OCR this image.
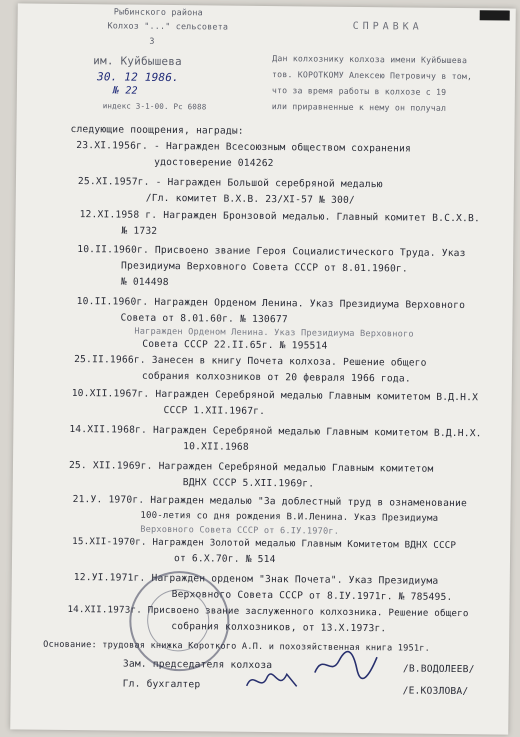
Рыбинского района
Колхоз "..." сельсовета
3
им. Куйбышева
30. 12 1986.
№ 22
индекс 3-1-00. Рс 6088
СПРАВКА
Дан колхознику колхоза имени Куйбышева
тов. КОРОТКОМУ Алексею Петровичу в том,
что за время работы в колхозе с 19
или приравненные к нему он получал
следующие поощрения, награды:
23.XI.1956г. - Награжден Всесоюзным обществом сохранения
удостоверение 014262
25.XI.1957г. - Награжден Большой серебряной медалью
/Гл. комитет В.Х.В. 23/XI-57 № 300/
12.XI.1958 г. Награжден Бронзовой медалью. Главный комитет В.С.Х.В.
№ 1732
10.II.1960г. Присвоено звание Героя Социалистического Труда. Указ
Президиума Верховного Совета СССР от 8.01.1960г.
№ 014498
10.II.1960г. Награжден Орденом Ленина. Указ Президиума Верховного
Совета от 8.01.60г. № 130677
Награжден Орденом Ленина. Указ Президиума Верховного
Совета СССР 22.II.65г. № 195514
25.II.1966г. Занесен в книгу Почета колхоза. Решение общего
собрания колхозников от 20 февраля 1966 года.
10.XII.1967г. Награжден Серебряной медалью Главным комитетом В.Д.Н.Х
СССР 1.XII.1967г.
14.XII.1968г. Награжден Серебряной медалью Главным комитетом В.Д.Н.Х.
10.XII.1968
25. XII.1969г. Награжден Серебряной медалью Главным комитетом
ВДНХ СССР 5.XII.1969г.
21.У. 1970г. Награжден медалью "За доблестный труд в ознаменование
100-летия со дня рождения В.И.Ленина. Указ Президиума
Верховного Совета СССР от 6.IУ.1970г.
15.XII-1970г. Награжден Золотой медалью Главным Комитетом ВДНХ СССР
от 6.X.70г. № 514
12.УI.1971г. Награжден орденом "Знак Почета". Указ Президиума
Верховного Совета СССР от 8.IУ.1971г. № 785495.
14.XII.1973г. Присвоено звание заслуженного колхозника. Решение общего
собрания колхозников, от 13.X.1973г.
Основание: трудовая книжка Короткого А.П. и похозяйственная книга 1951г.
Зам. председателя колхоза
Гл. бухгалтер
/В.ВОДОЛЕЕВ/
/Е.КОЗЛОВА/
